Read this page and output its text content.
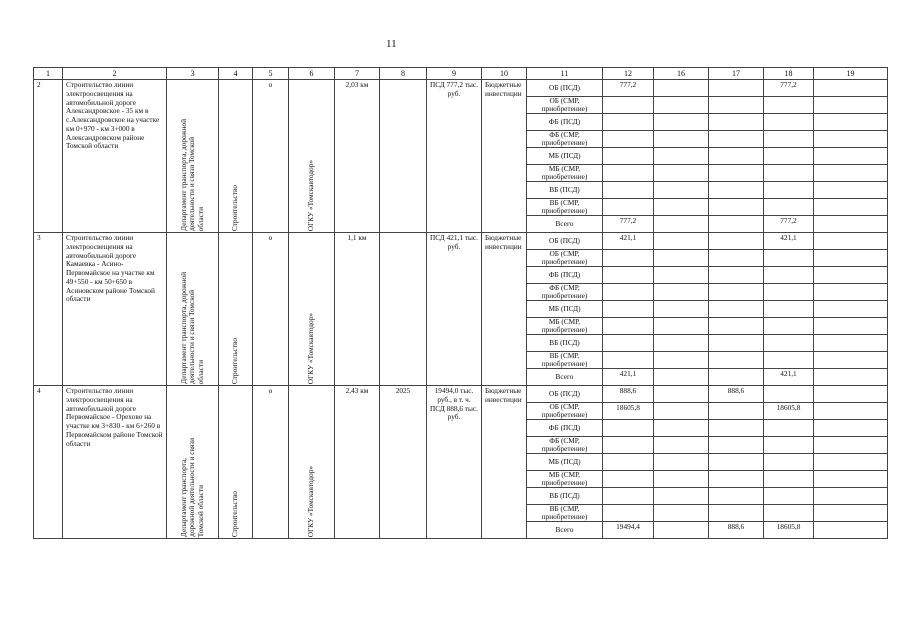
11
1	2	3	4	5	6	7	8	9	10	11	12	16	17	18	19
2	Строительство линии электроосвещения на автомобильной дороге Александровское - 35 км в с.Александровское на участке км 0+970 - км 3+000 в Александровском районе Томской области	Департамент транспорта, дорожной деятельности и связи Томской области	Строительство	о	ОГКУ «Томскавтодор»	2,03 км		ПСД 777,2 тыс. руб.	Бюджетные инвестиции	ОБ (ПСД)	777,2			777,2	
										ОБ (СМР, приобретение)					
										ФБ (ПСД)					
										ФБ (СМР, приобретение)					
										МБ (ПСД)					
										МБ (СМР, приобретение)					
										ВБ (ПСД)					
										ВБ (СМР, приобретение)					
										Всего	777,2			777,2	
3	Строительство линии электроосвещения на автомобильной дороге Камаевка - Асино-Первомайское на участке км 49+550 - км 50+650 в Асиновском районе Томской области	Департамент транспорта, дорожной деятельности и связи Томской области	Строительство	о	ОГКУ «Томскавтодор»	1,1 км		ПСД 421,1 тыс. руб.	Бюджетные инвестиции	ОБ (ПСД)	421,1			421,1	
										ОБ (СМР, приобретение)					
										ФБ (ПСД)					
										ФБ (СМР, приобретение)					
										МБ (ПСД)					
										МБ (СМР, приобретение)					
										ВБ (ПСД)					
										ВБ (СМР, приобретение)					
										Всего	421,1			421,1	
4	Строительство линии электроосвещения на автомобильной дороге Первомайское - Орехово на участке км 3+830 - км 6+260 в Первомайском районе Томской области	Департамент транспорта, дорожной деятельности и связи Томской области	Строительство	о	ОГКУ «Томскавтодор»	2,43 км	2025	19494,0 тыс. руб., в т. ч. ПСД 888,6 тыс. руб.	Бюджетные инвестиции	ОБ (ПСД)	888,6		888,6		
										ОБ (СМР, приобретение)	18605,8			18605,8	
										ФБ (ПСД)					
										ФБ (СМР, приобретение)					
										МБ (ПСД)					
										МБ (СМР, приобретение)					
										ВБ (ПСД)					
										ВБ (СМР, приобретение)					
										Всего	19494,4		888,6	18605,8	
